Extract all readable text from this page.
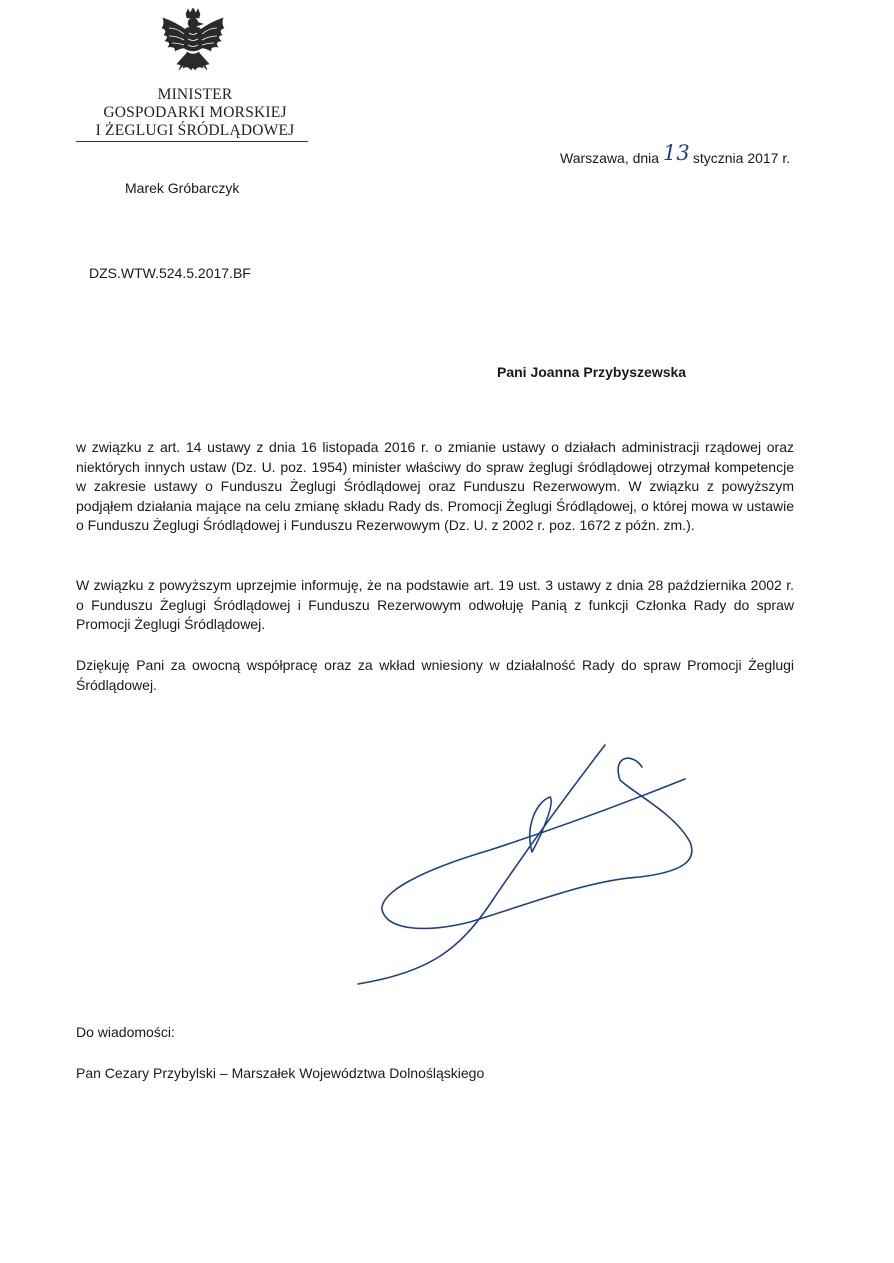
MINISTER
GOSPODARKI MORSKIEJ
I ŻEGLUGI ŚRÓDLĄDOWEJ
Warszawa, dnia 13 stycznia 2017 r.
Marek Gróbarczyk
DZS.WTW.524.5.2017.BF
Pani Joanna Przybyszewska
w związku z art. 14 ustawy z dnia 16 listopada 2016 r. o zmianie ustawy o działach administracji rządowej oraz niektórych innych ustaw (Dz. U. poz. 1954) minister właściwy do spraw żeglugi śródlądowej otrzymał kompetencje w zakresie ustawy o Funduszu Żeglugi Śródlądowej oraz Funduszu Rezerwowym. W związku z powyższym podjąłem działania mające na celu zmianę składu Rady ds. Promocji Żeglugi Śródlądowej, o której mowa w ustawie o Funduszu Żeglugi Śródlądowej i Funduszu Rezerwowym (Dz. U. z 2002 r. poz. 1672 z późn. zm.).
W związku z powyższym uprzejmie informuję, że na podstawie art. 19 ust. 3 ustawy z dnia 28 października 2002 r. o Funduszu Żeglugi Śródlądowej i Funduszu Rezerwowym odwołuję Panią z funkcji Członka Rady do spraw Promocji Żeglugi Śródlądowej.
Dziękuję Pani za owocną współpracę oraz za wkład wniesiony w działalność Rady do spraw Promocji Żeglugi Śródlądowej.
Do wiadomości:
Pan Cezary Przybylski – Marszałek Województwa Dolnośląskiego
